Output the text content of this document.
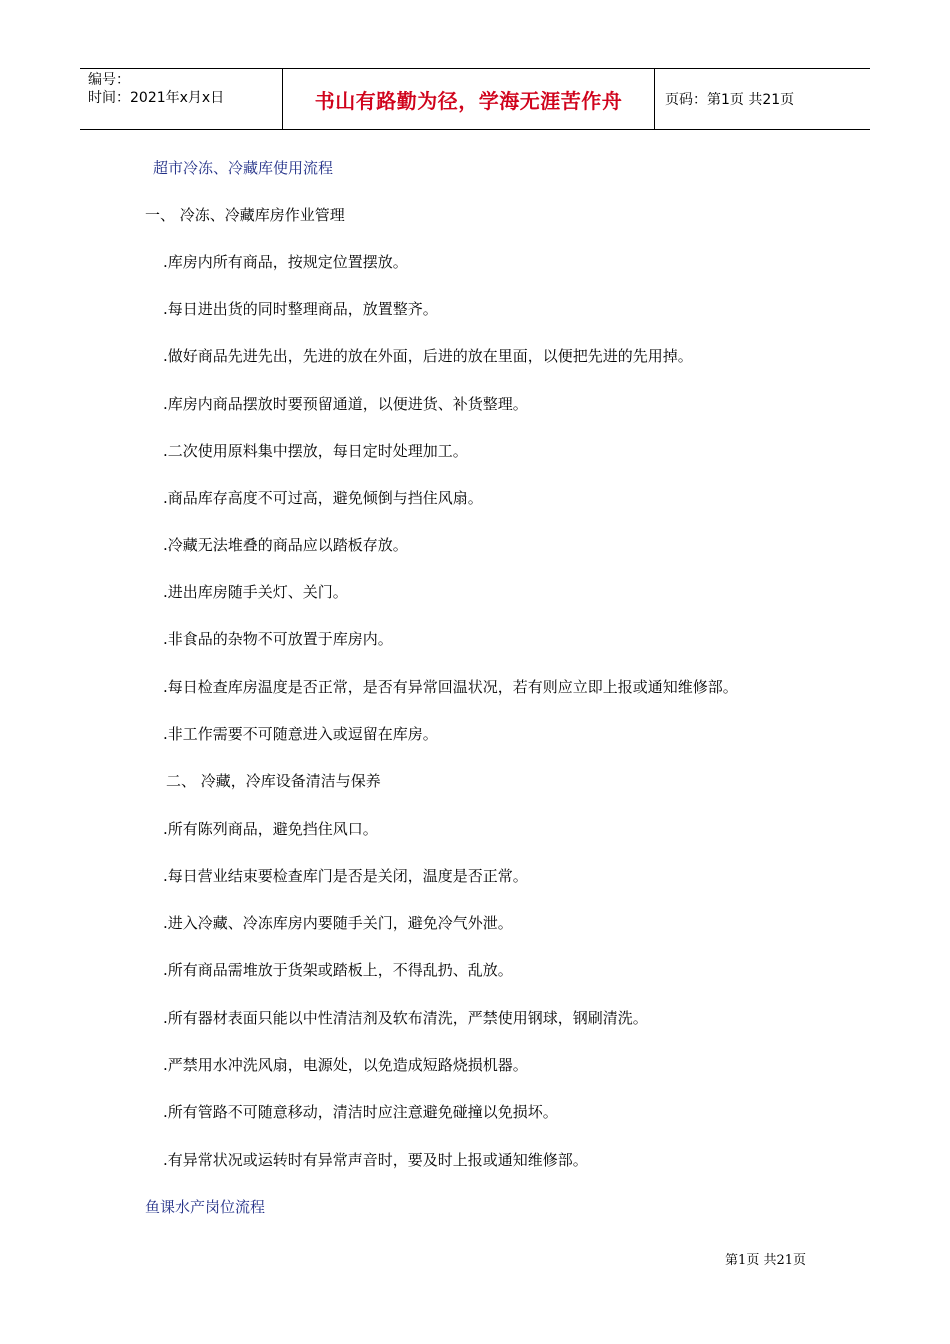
编号：
时间：2021年x月x日	书山有路勤为径，学海无涯苦作舟	页码：第1页 共21页
超市冷冻、冷藏库使用流程
一、 冷冻、冷藏库房作业管理
.库房内所有商品，按规定位置摆放。
.每日进出货的同时整理商品，放置整齐。
.做好商品先进先出，先进的放在外面，后进的放在里面，以便把先进的先用掉。
.库房内商品摆放时要预留通道，以便进货、补货整理。
.二次使用原料集中摆放，每日定时处理加工。
.商品库存高度不可过高，避免倾倒与挡住风扇。
.冷藏无法堆叠的商品应以踏板存放。
.进出库房随手关灯、关门。
.非食品的杂物不可放置于库房内。
.每日检查库房温度是否正常，是否有异常回温状况，若有则应立即上报或通知维修部。
.非工作需要不可随意进入或逗留在库房。
二、 冷藏，冷库设备清洁与保养
.所有陈列商品，避免挡住风口。
.每日营业结束要检查库门是否是关闭，温度是否正常。
.进入冷藏、冷冻库房内要随手关门，避免冷气外泄。
.所有商品需堆放于货架或踏板上，不得乱扔、乱放。
.所有器材表面只能以中性清洁剂及软布清洗，严禁使用钢球，钢刷清洗。
.严禁用水冲洗风扇，电源处，以免造成短路烧损机器。
.所有管路不可随意移动，清洁时应注意避免碰撞以免损坏。
.有异常状况或运转时有异常声音时，要及时上报或通知维修部。
鱼课水产岗位流程
第1页 共21页
